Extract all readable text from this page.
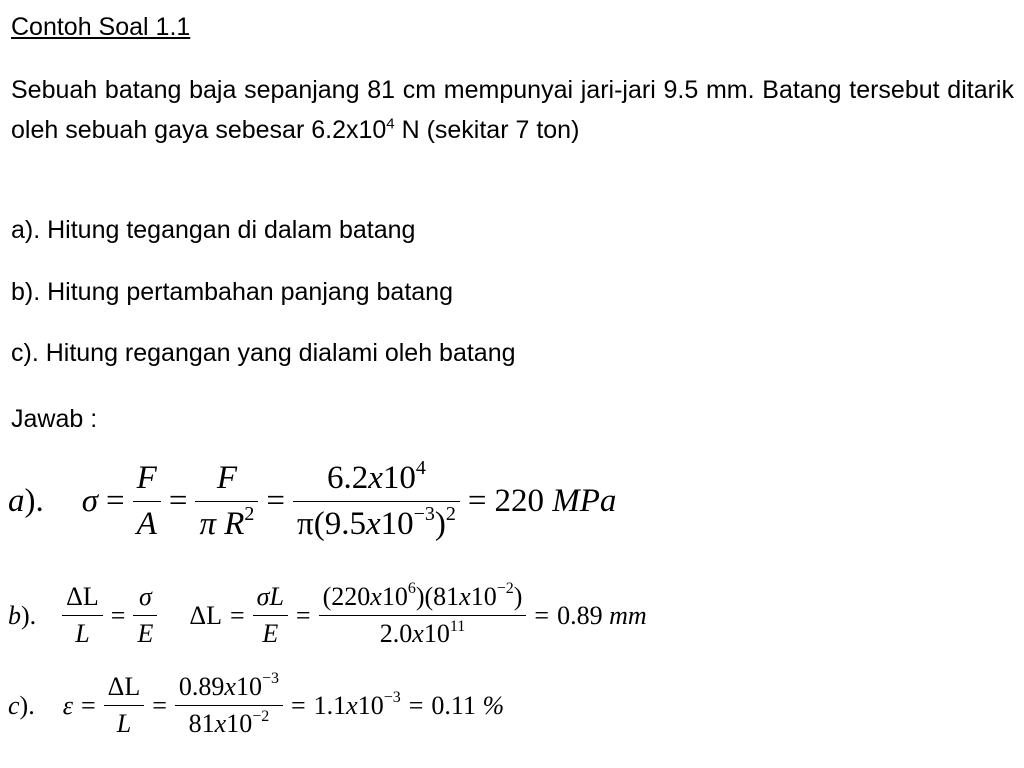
Contoh Soal 1.1
Sebuah batang baja sepanjang 81 cm mempunyai jari-jari 9.5 mm. Batang tersebut ditarik oleh sebuah gaya sebesar $6.2x10^4$ N (sekitar 7 ton)
a). Hitung tegangan di dalam batang
b). Hitung pertambahan panjang batang
c). Hitung regangan yang dialami oleh batang
Jawab :
a). $\sigma = \frac{F}{A} = \frac{F}{\pi R^2} = \frac{6.2x10^4}{\pi(9.5x10^{-3})^2} = 220$ MPa
b). $\frac{\Delta L}{L} = \frac{\sigma}{E}$ $\Delta L = \frac{\sigma L}{E} = \frac{(220x10^6)(81x10^{-2})}{2.0x10^{11}} = 0.89$ mm
c). $\varepsilon = \frac{\Delta L}{L} = \frac{0.89x10^{-3}}{81x10^{-2}} = 1.1x10^{-3} = 0.11$ %
